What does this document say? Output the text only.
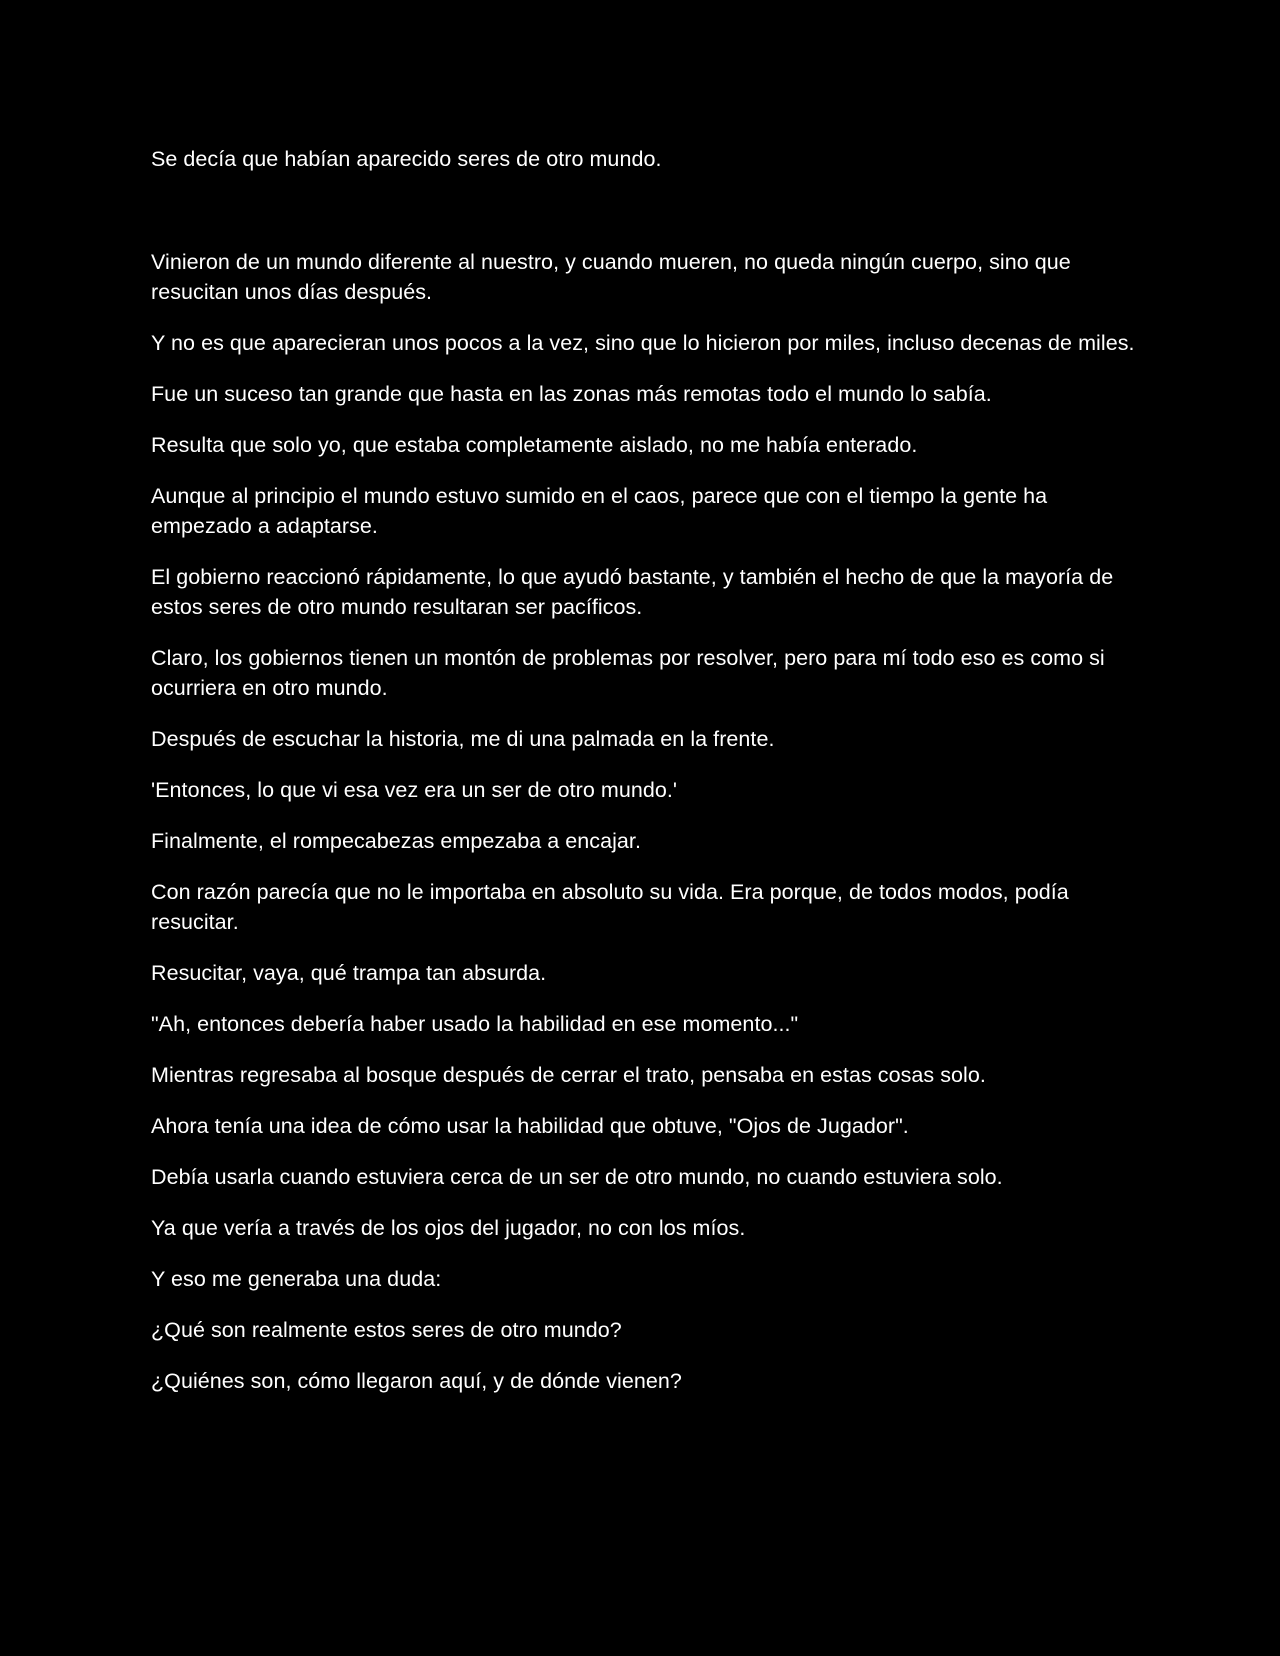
Se decía que habían aparecido seres de otro mundo.

Vinieron de un mundo diferente al nuestro, y cuando mueren, no queda ningún cuerpo, sino que resucitan unos días después.

Y no es que aparecieran unos pocos a la vez, sino que lo hicieron por miles, incluso decenas de miles.

Fue un suceso tan grande que hasta en las zonas más remotas todo el mundo lo sabía.

Resulta que solo yo, que estaba completamente aislado, no me había enterado.

Aunque al principio el mundo estuvo sumido en el caos, parece que con el tiempo la gente ha empezado a adaptarse.

El gobierno reaccionó rápidamente, lo que ayudó bastante, y también el hecho de que la mayoría de estos seres de otro mundo resultaran ser pacíficos.

Claro, los gobiernos tienen un montón de problemas por resolver, pero para mí todo eso es como si ocurriera en otro mundo.

Después de escuchar la historia, me di una palmada en la frente.

'Entonces, lo que vi esa vez era un ser de otro mundo.'

Finalmente, el rompecabezas empezaba a encajar.

Con razón parecía que no le importaba en absoluto su vida. Era porque, de todos modos, podía resucitar.

Resucitar, vaya, qué trampa tan absurda.

"Ah, entonces debería haber usado la habilidad en ese momento..."

Mientras regresaba al bosque después de cerrar el trato, pensaba en estas cosas solo.

Ahora tenía una idea de cómo usar la habilidad que obtuve, "Ojos de Jugador".

Debía usarla cuando estuviera cerca de un ser de otro mundo, no cuando estuviera solo.

Ya que vería a través de los ojos del jugador, no con los míos.

Y eso me generaba una duda:

¿Qué son realmente estos seres de otro mundo?

¿Quiénes son, cómo llegaron aquí, y de dónde vienen?
